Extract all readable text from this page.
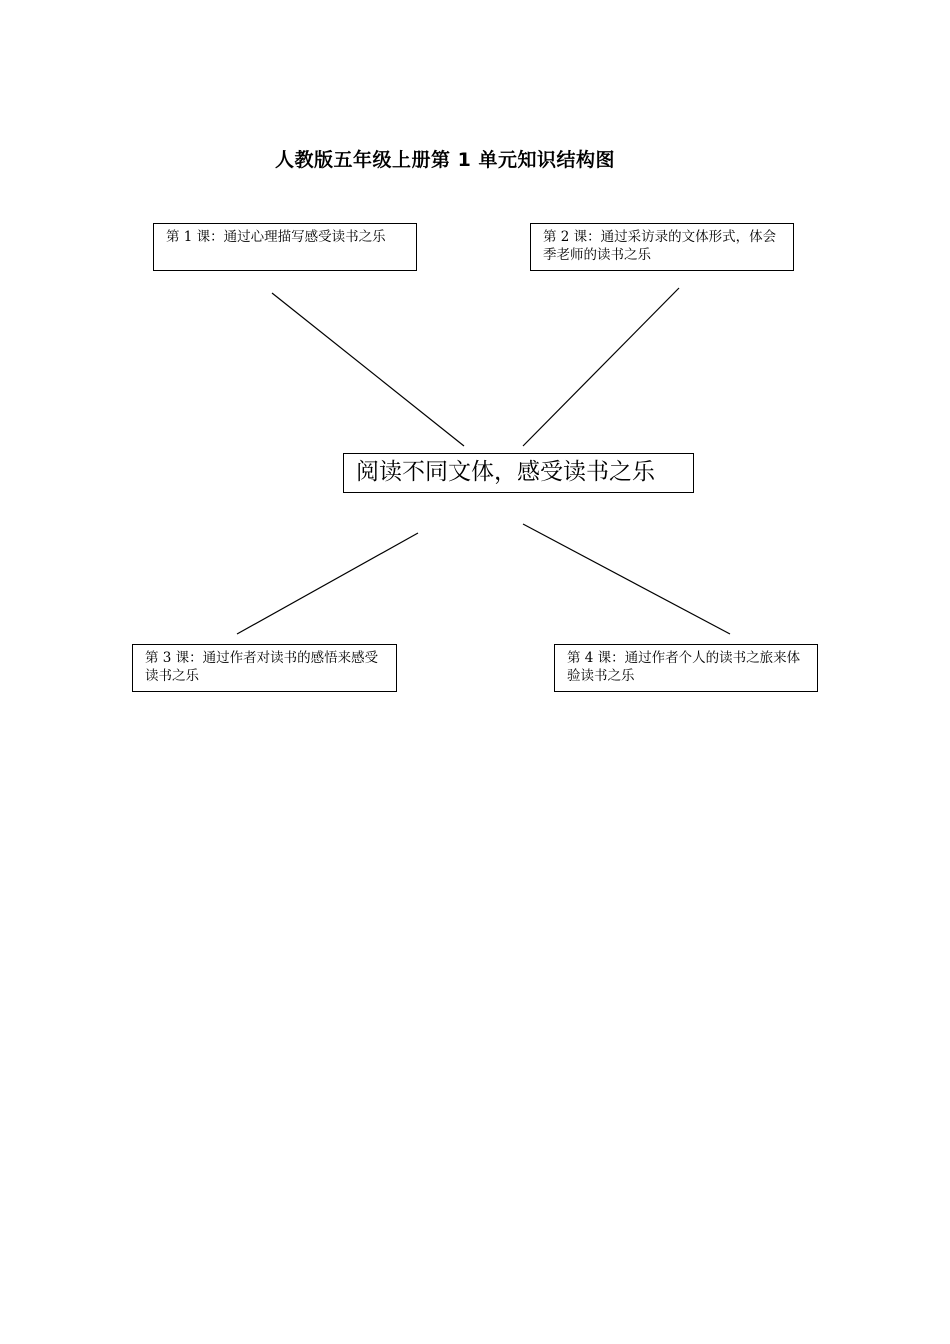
人教版五年级上册第 1 单元知识结构图
第 1 课：通过心理描写感受读书之乐	第 2 课：通过采访录的文体形式，体会季老师的读书之乐
阅读不同文体，感受读书之乐
第 3 课：通过作者对读书的感悟来感受读书之乐
第 4 课：通过作者个人的读书之旅来体验读书之乐
